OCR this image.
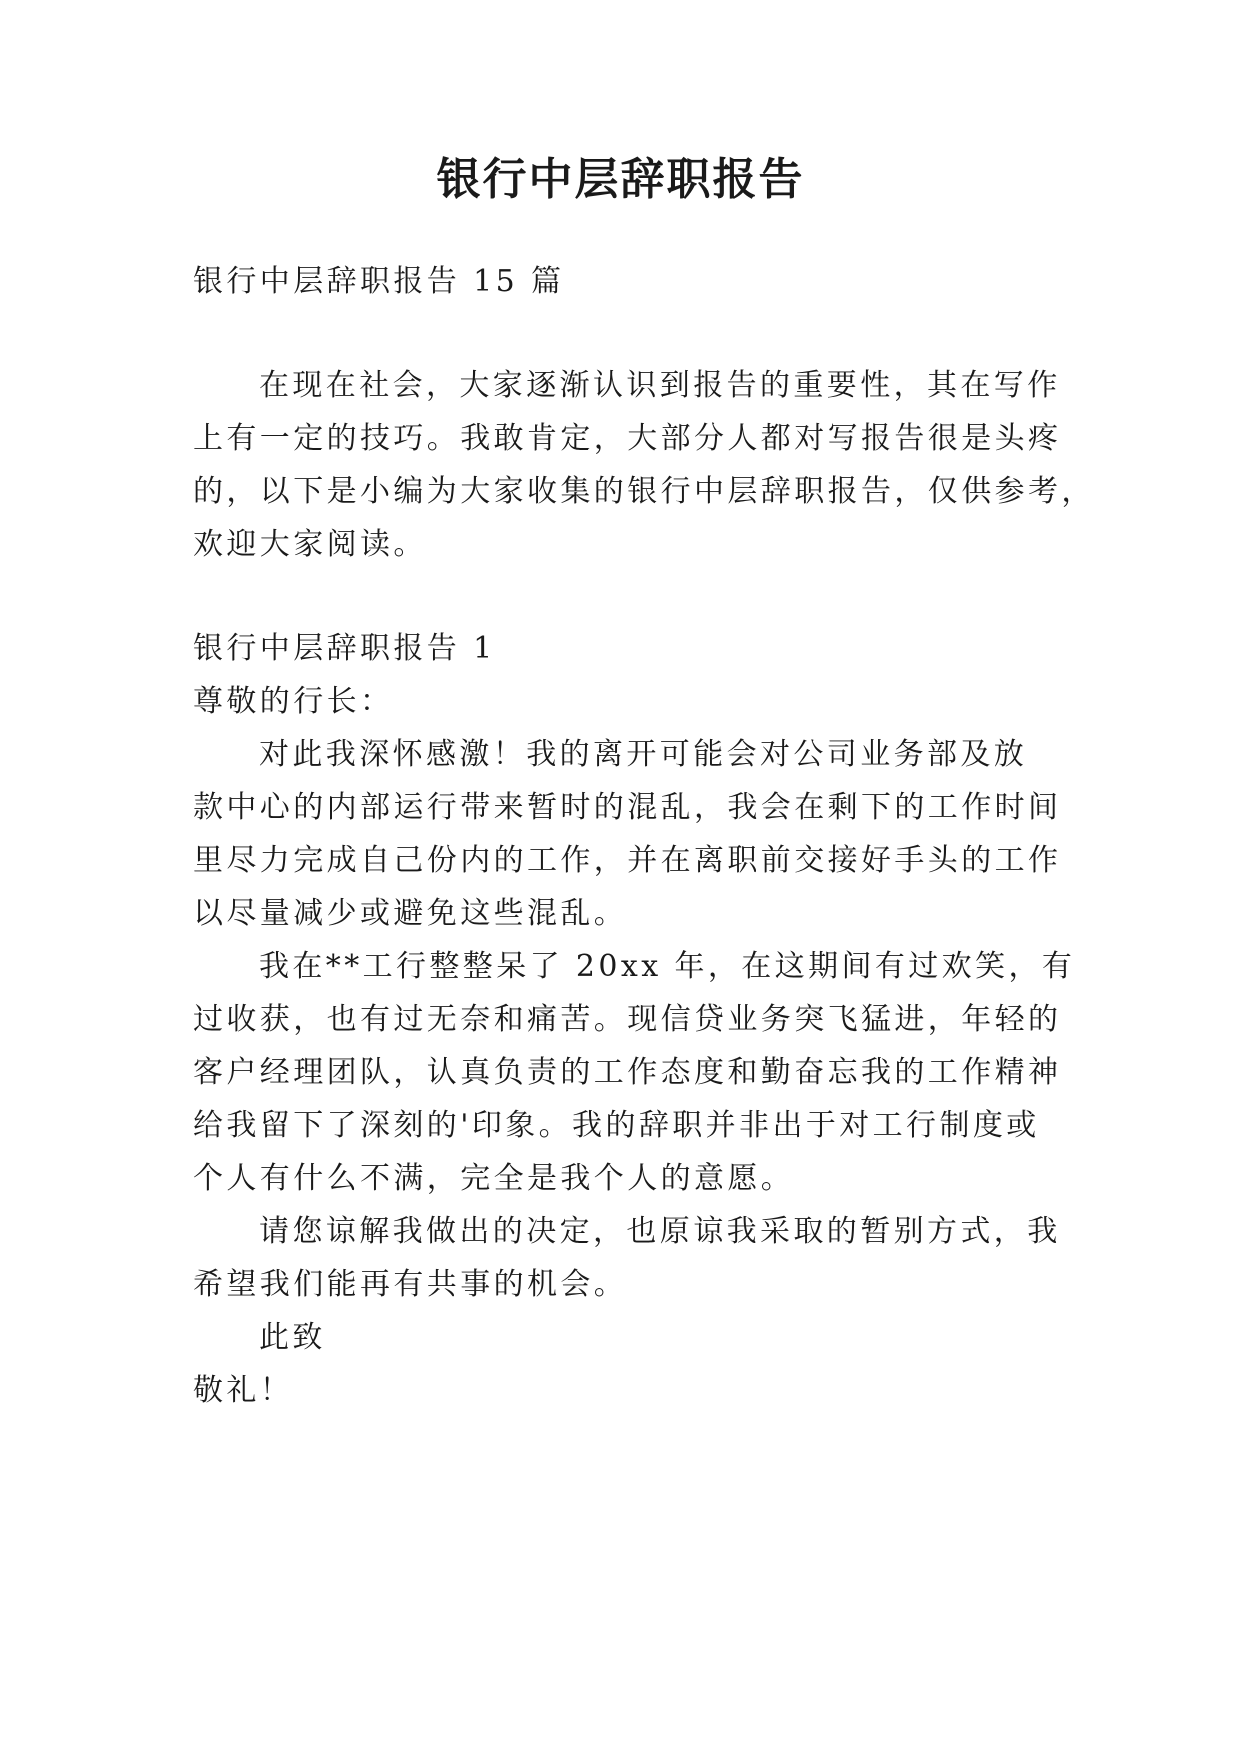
银行中层辞职报告
银行中层辞职报告 15 篇
在现在社会，大家逐渐认识到报告的重要性，其在写作
上有一定的技巧。我敢肯定，大部分人都对写报告很是头疼
的，以下是小编为大家收集的银行中层辞职报告，仅供参考，
欢迎大家阅读。
银行中层辞职报告 1
尊敬的行长：
对此我深怀感激！我的离开可能会对公司业务部及放
款中心的内部运行带来暂时的混乱，我会在剩下的工作时间
里尽力完成自己份内的工作，并在离职前交接好手头的工作
以尽量减少或避免这些混乱。
我在**工行整整呆了 20xx 年，在这期间有过欢笑，有
过收获，也有过无奈和痛苦。现信贷业务突飞猛进，年轻的
客户经理团队，认真负责的工作态度和勤奋忘我的工作精神
给我留下了深刻的'印象。我的辞职并非出于对工行制度或
个人有什么不满，完全是我个人的意愿。
请您谅解我做出的决定，也原谅我采取的暂别方式，我
希望我们能再有共事的机会。
此致
敬礼！
